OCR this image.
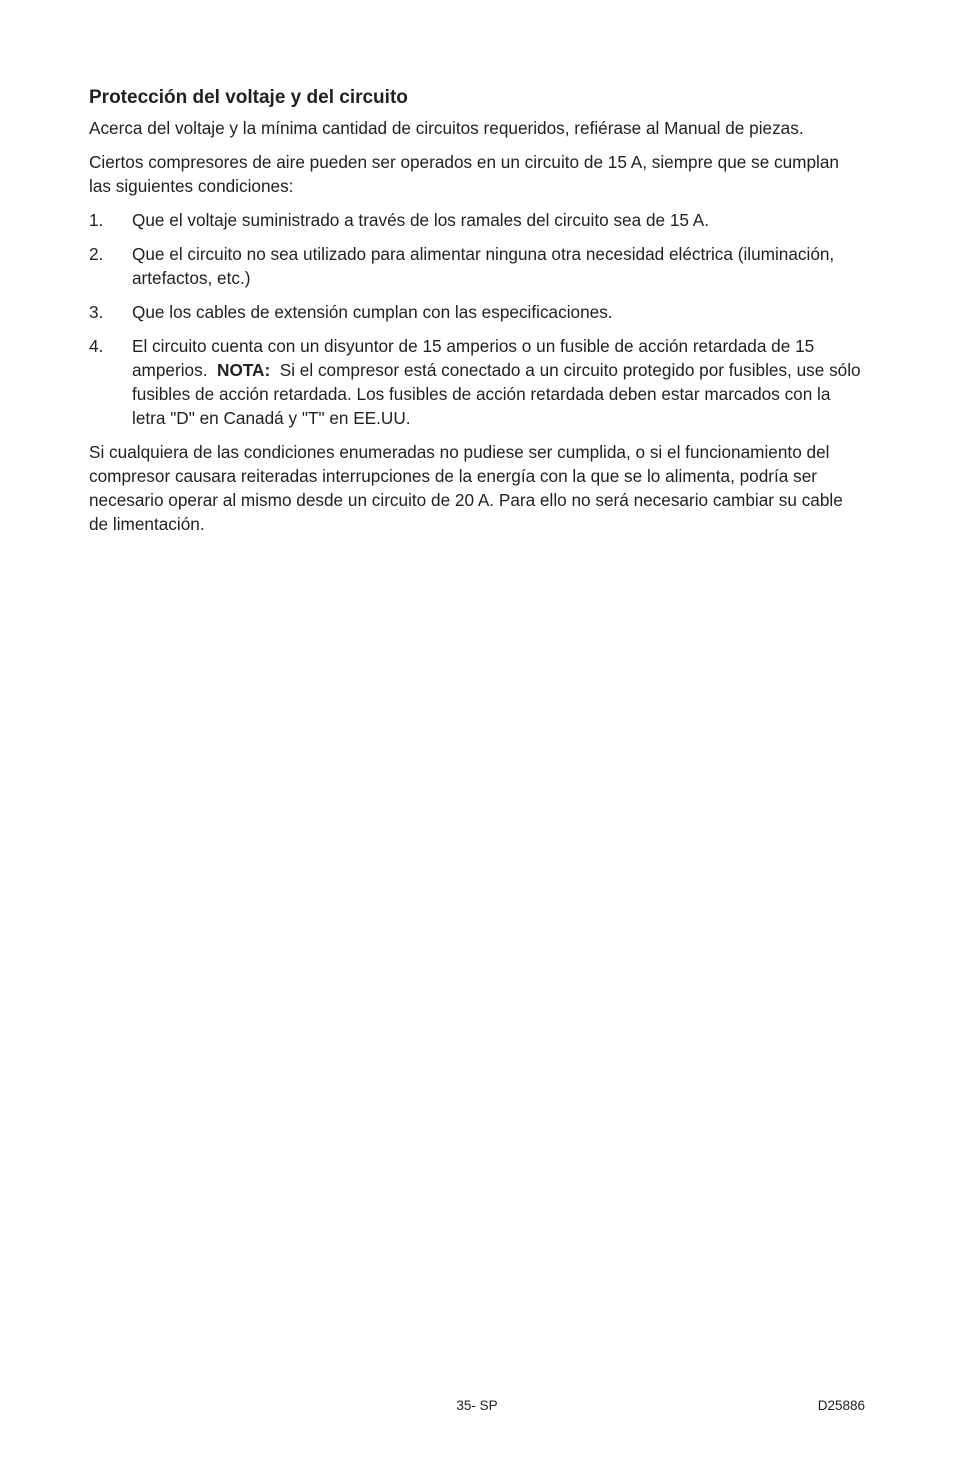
Protección del voltaje y del circuito

Acerca del voltaje y la mínima cantidad de circuitos requeridos, refiérase al Manual de piezas.

Ciertos compresores de aire pueden ser operados en un circuito de 15 A, siempre que se cumplan las siguientes condiciones:

1. Que el voltaje suministrado a través de los ramales del circuito sea de 15 A.
2. Que el circuito no sea utilizado para alimentar ninguna otra necesidad eléctrica (iluminación, artefactos, etc.)
3. Que los cables de extensión cumplan con las especificaciones.
4. El circuito cuenta con un disyuntor de 15 amperios o un fusible de acción retardada de 15 amperios. NOTA: Si el compresor está conectado a un circuito protegido por fusibles, use sólo fusibles de acción retardada. Los fusibles de acción retardada deben estar marcados con la letra "D" en Canadá y "T" en EE.UU.

Si cualquiera de las condiciones enumeradas no pudiese ser cumplida, o si el funcionamiento del compresor causara reiteradas interrupciones de la energía con la que se lo alimenta, podría ser necesario operar al mismo desde un circuito de 20 A. Para ello no será necesario cambiar su cable de limentación.

35- SP	D25886
